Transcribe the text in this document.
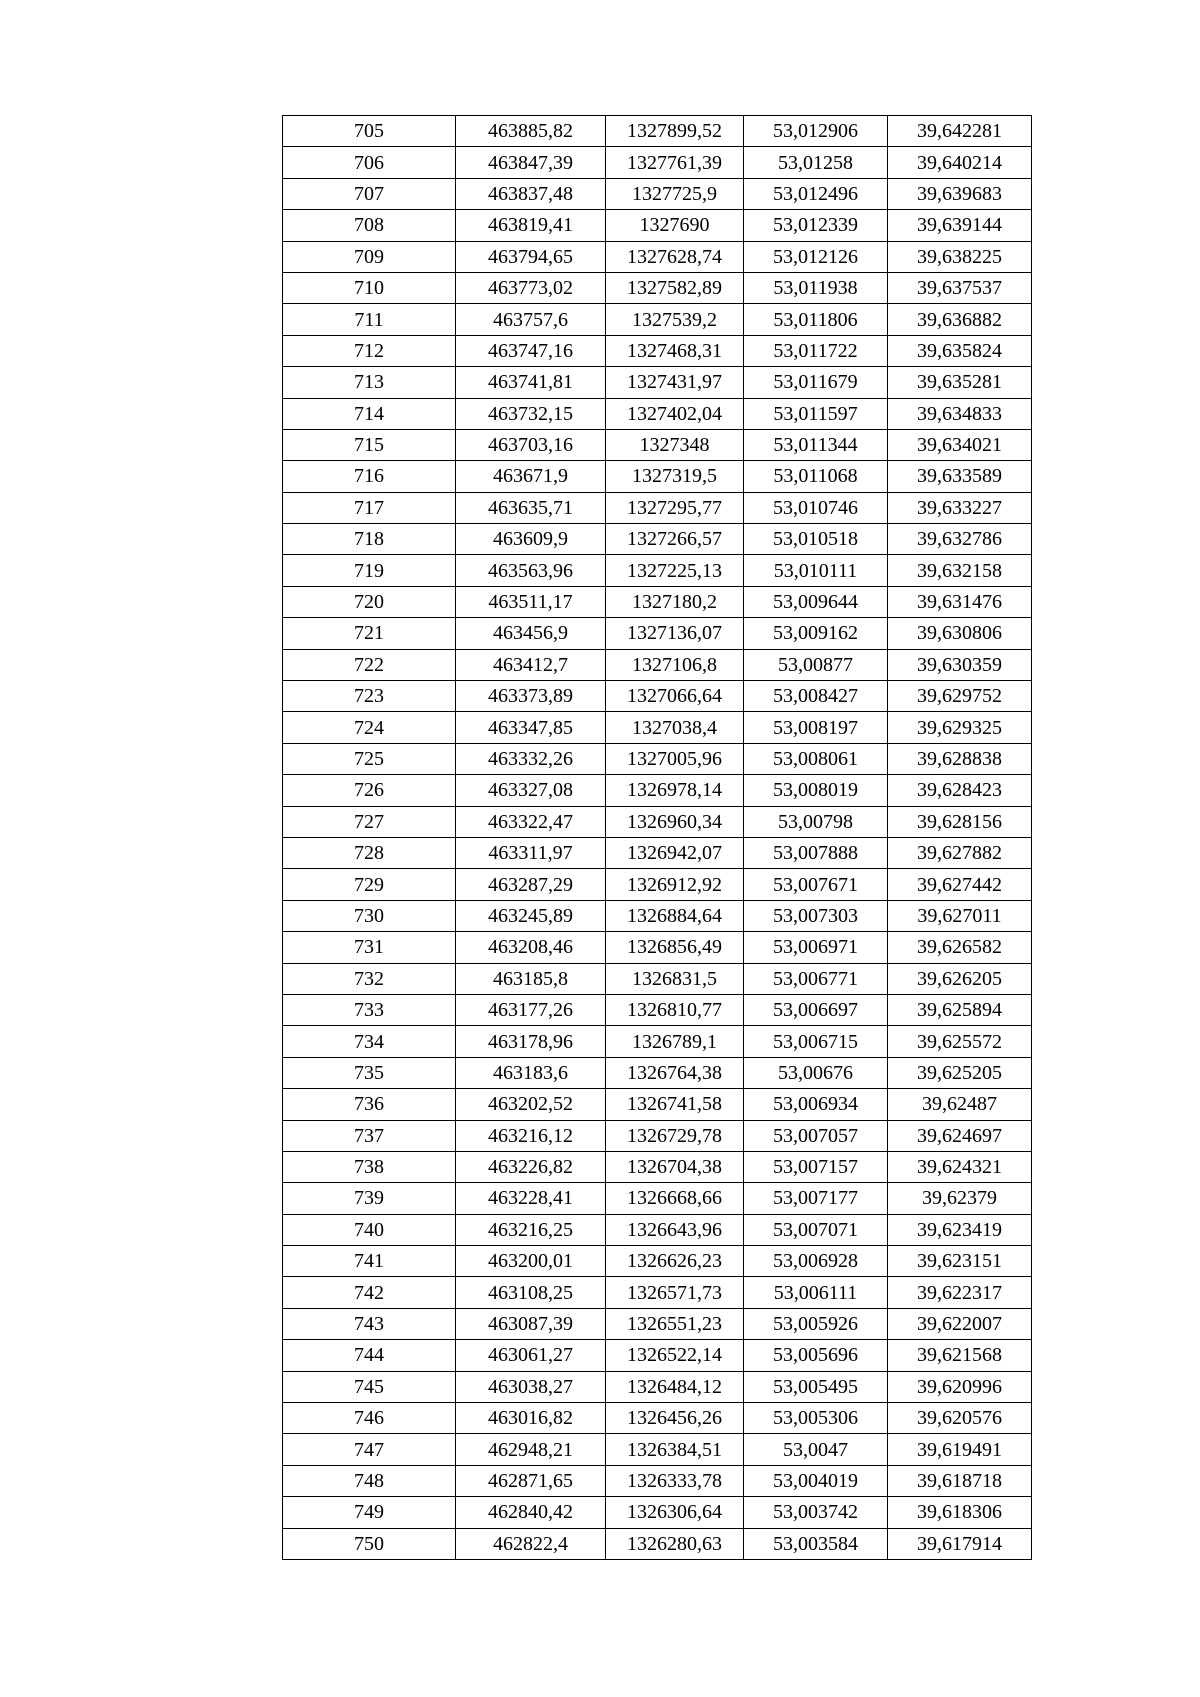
705	463885,82	1327899,52	53,012906	39,642281
706	463847,39	1327761,39	53,01258	39,640214
707	463837,48	1327725,9	53,012496	39,639683
708	463819,41	1327690	53,012339	39,639144
709	463794,65	1327628,74	53,012126	39,638225
710	463773,02	1327582,89	53,011938	39,637537
711	463757,6	1327539,2	53,011806	39,636882
712	463747,16	1327468,31	53,011722	39,635824
713	463741,81	1327431,97	53,011679	39,635281
714	463732,15	1327402,04	53,011597	39,634833
715	463703,16	1327348	53,011344	39,634021
716	463671,9	1327319,5	53,011068	39,633589
717	463635,71	1327295,77	53,010746	39,633227
718	463609,9	1327266,57	53,010518	39,632786
719	463563,96	1327225,13	53,010111	39,632158
720	463511,17	1327180,2	53,009644	39,631476
721	463456,9	1327136,07	53,009162	39,630806
722	463412,7	1327106,8	53,00877	39,630359
723	463373,89	1327066,64	53,008427	39,629752
724	463347,85	1327038,4	53,008197	39,629325
725	463332,26	1327005,96	53,008061	39,628838
726	463327,08	1326978,14	53,008019	39,628423
727	463322,47	1326960,34	53,00798	39,628156
728	463311,97	1326942,07	53,007888	39,627882
729	463287,29	1326912,92	53,007671	39,627442
730	463245,89	1326884,64	53,007303	39,627011
731	463208,46	1326856,49	53,006971	39,626582
732	463185,8	1326831,5	53,006771	39,626205
733	463177,26	1326810,77	53,006697	39,625894
734	463178,96	1326789,1	53,006715	39,625572
735	463183,6	1326764,38	53,00676	39,625205
736	463202,52	1326741,58	53,006934	39,62487
737	463216,12	1326729,78	53,007057	39,624697
738	463226,82	1326704,38	53,007157	39,624321
739	463228,41	1326668,66	53,007177	39,62379
740	463216,25	1326643,96	53,007071	39,623419
741	463200,01	1326626,23	53,006928	39,623151
742	463108,25	1326571,73	53,006111	39,622317
743	463087,39	1326551,23	53,005926	39,622007
744	463061,27	1326522,14	53,005696	39,621568
745	463038,27	1326484,12	53,005495	39,620996
746	463016,82	1326456,26	53,005306	39,620576
747	462948,21	1326384,51	53,0047	39,619491
748	462871,65	1326333,78	53,004019	39,618718
749	462840,42	1326306,64	53,003742	39,618306
750	462822,4	1326280,63	53,003584	39,617914
